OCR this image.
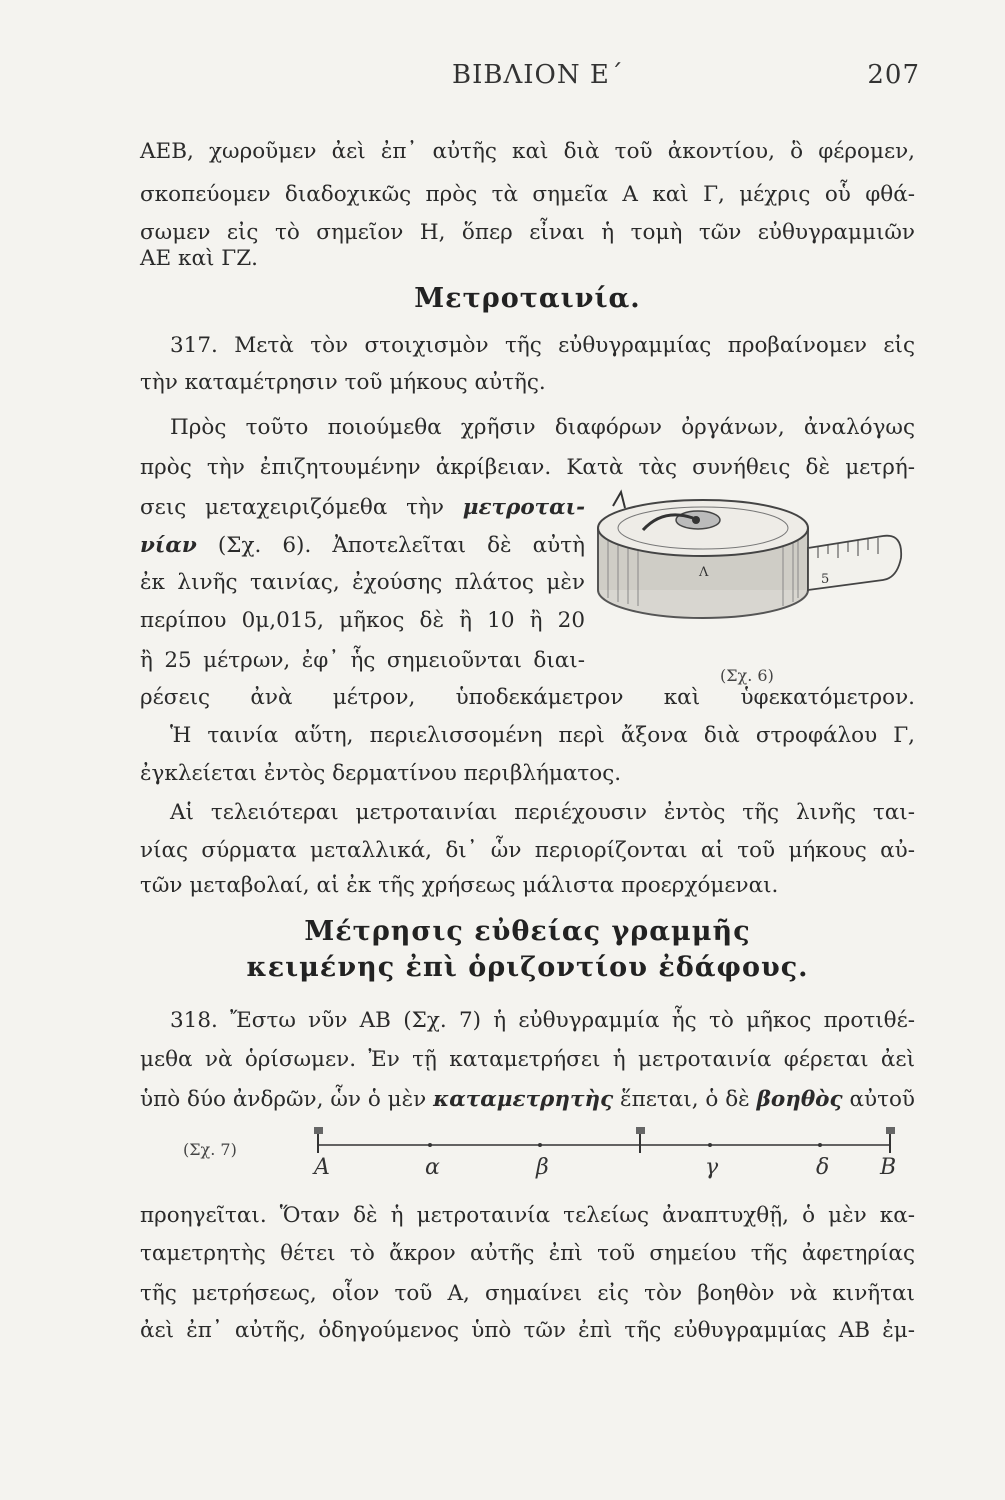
ΒΙΒΛΙΟΝ Ε΄	207
ΑΕΒ, χωροῦμεν ἀεὶ ἐπ᾽ αὐτῆς καὶ διὰ τοῦ ἀκοντίου, ὃ φέρομεν,
σκοπεύομεν διαδοχικῶς πρὸς τὰ σημεῖα Α καὶ Γ, μέχρις οὗ φθά-
σωμεν εἰς τὸ σημεῖον Η, ὅπερ εἶναι ἡ τομὴ τῶν εὐθυγραμμιῶν
ΑΕ καὶ ΓΖ.
Μετροταινία.
317. Μετὰ τὸν στοιχισμὸν τῆς εὐθυγραμμίας προβαίνομεν εἰς
τὴν καταμέτρησιν τοῦ μήκους αὐτῆς.
Πρὸς τοῦτο ποιούμεθα χρῆσιν διαφόρων ὀργάνων, ἀναλόγως
πρὸς τὴν ἐπιζητουμένην ἀκρίβειαν. Κατὰ τὰς συνήθεις δὲ μετρή-
σεις μεταχειριζόμεθα τὴν μετροται-
νίαν (Σχ. 6). Ἀποτελεῖται δὲ αὐτὴ
ἐκ λινῆς ταινίας, ἐχούσης πλάτος μὲν
περίπου 0μ,015, μῆκος δὲ ἢ 10 ἢ 20
ἢ 25 μέτρων, ἐφ᾽ ἧς σημειοῦνται διαι-
ρέσεις ἀνὰ μέτρον, ὑποδεκάμετρον καὶ ὑφεκατόμετρον.
Λ	5
(Σχ. 6)
Ἡ ταινία αὕτη, περιελισσομένη περὶ ἄξονα διὰ στροφάλου Γ,
ἐγκλείεται ἐντὸς δερματίνου περιβλήματος.
Αἱ τελειότεραι μετροταινίαι περιέχουσιν ἐντὸς τῆς λινῆς ται-
νίας σύρματα μεταλλικά, δι᾽ ὧν περιορίζονται αἱ τοῦ μήκους αὐ-
τῶν μεταβολαί, αἱ ἐκ τῆς χρήσεως μάλιστα προερχόμεναι.
Μέτρησις εὐθείας γραμμῆς
κειμένης ἐπὶ ὁριζοντίου ἐδάφους.
318. Ἔστω νῦν ΑΒ (Σχ. 7) ἡ εὐθυγραμμία ἧς τὸ μῆκος προτιθέ-
μεθα νὰ ὁρίσωμεν. Ἐν τῇ καταμετρήσει ἡ μετροταινία φέρεται ἀεὶ
ὑπὸ δύο ἀνδρῶν, ὧν ὁ μὲν καταμετρητὴς ἕπεται, ὁ δὲ βοηθὸς αὐτοῦ
(Σχ. 7)
Α	α	β	γ	δ Β
προηγεῖται. Ὅταν δὲ ἡ μετροταινία τελείως ἀναπτυχθῇ, ὁ μὲν κα-
ταμετρητὴς θέτει τὸ ἄκρον αὐτῆς ἐπὶ τοῦ σημείου τῆς ἀφετηρίας
τῆς μετρήσεως, οἷον τοῦ Α, σημαίνει εἰς τὸν βοηθὸν νὰ κινῆται
ἀεὶ ἐπ᾽ αὐτῆς, ὁδηγούμενος ὑπὸ τῶν ἐπὶ τῆς εὐθυγραμμίας ΑΒ ἐμ-
